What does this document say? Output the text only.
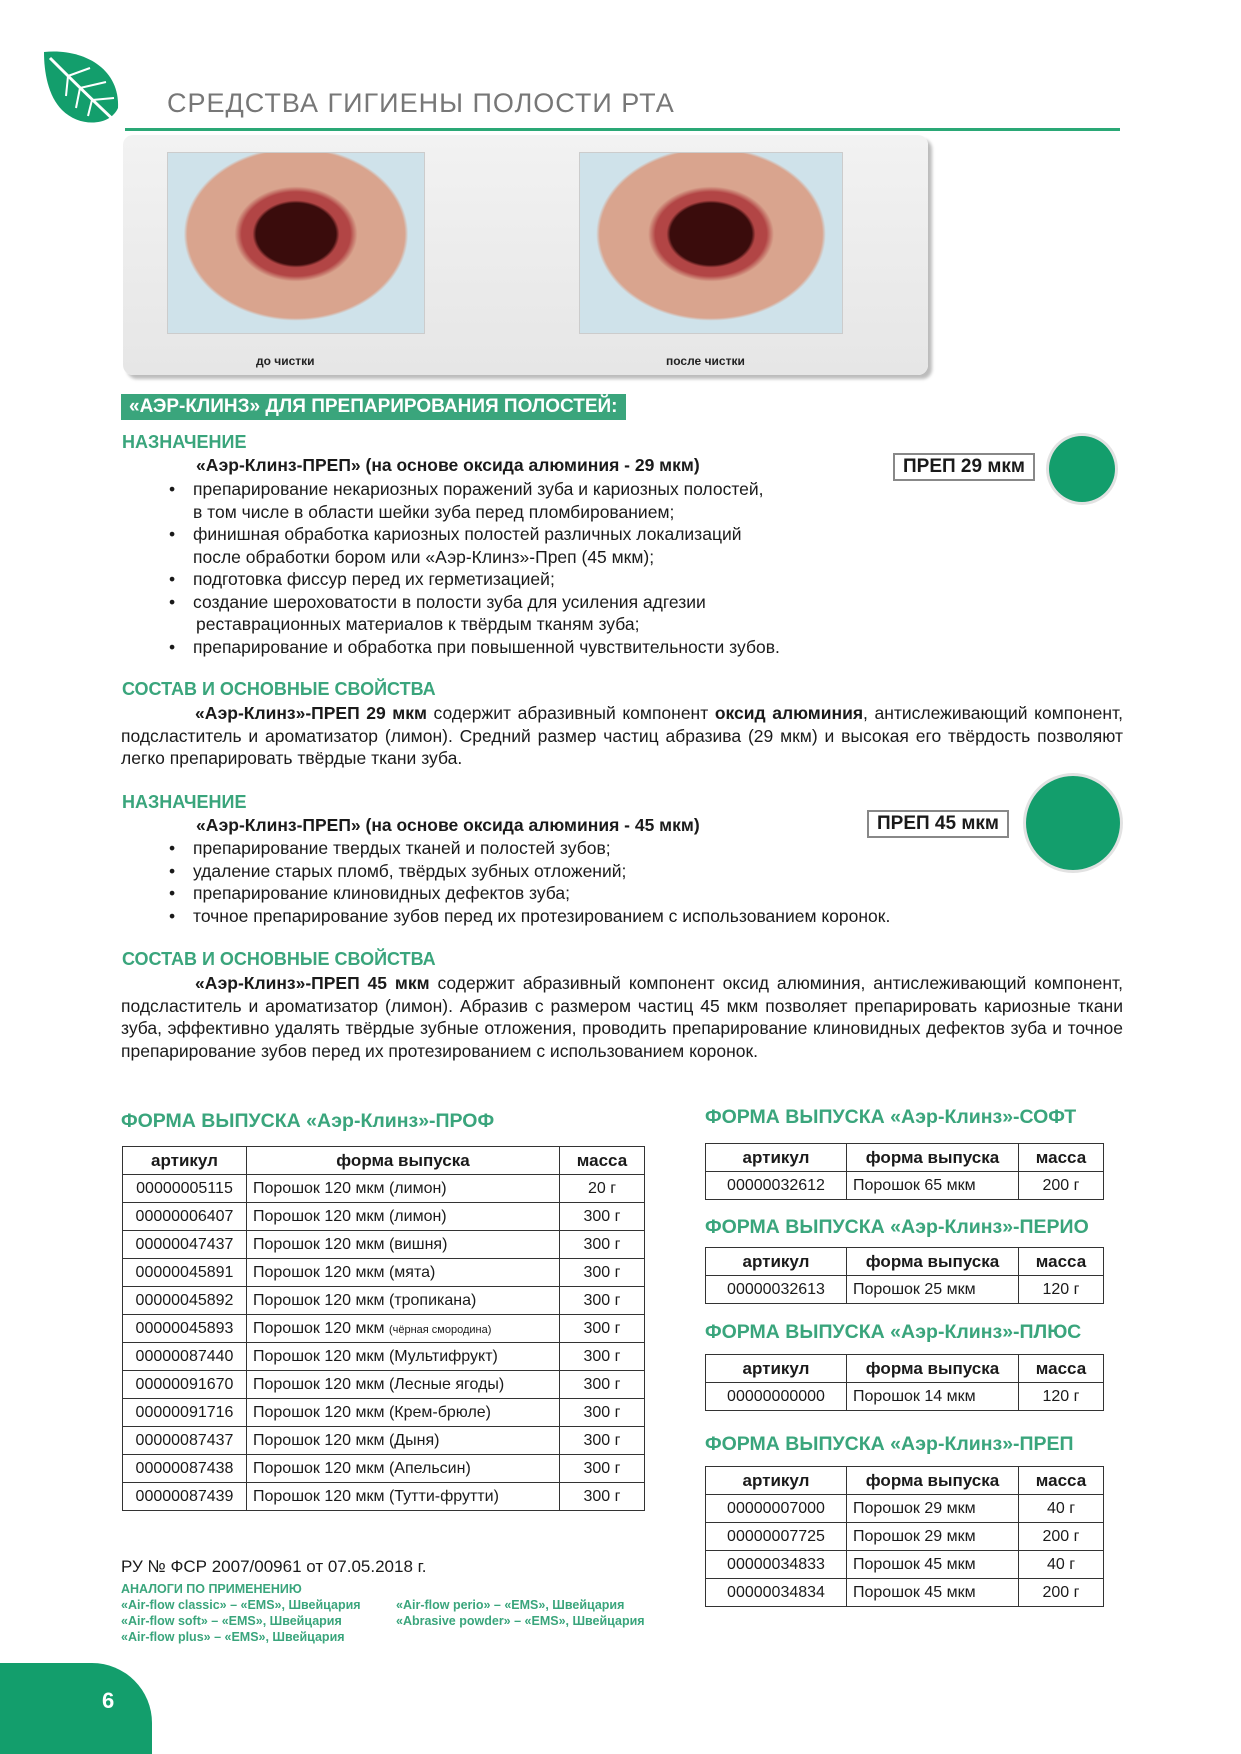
СРЕДСТВА ГИГИЕНЫ ПОЛОСТИ РТА
до чистки	после чистки
«АЭР-КЛИНЗ» ДЛЯ ПРЕПАРИРОВАНИЯ ПОЛОСТЕЙ:
НАЗНАЧЕНИЕ
«Аэр-Клинз-ПРЕП» (на основе оксида алюминия - 29 мкм)	ПРЕП 29 мкм
• препарирование некариозных поражений зуба и кариозных полостей,
в том числе в области шейки зуба перед пломбированием;
• финишная обработка кариозных полостей различных локализаций
после обработки бором или «Аэр-Клинз»-Преп (45 мкм);
• подготовка фиссур перед их герметизацией;
• создание шероховатости в полости зуба для усиления адгезии
реставрационных материалов к твёрдым тканям зуба;
• препарирование и обработка при повышенной чувствительности зубов.
СОСТАВ И ОСНОВНЫЕ СВОЙСТВА
«Аэр-Клинз»-ПРЕП 29 мкм содержит абразивный компонент оксид алюминия, антислеживающий компонент, подсластитель и ароматизатор (лимон). Средний размер частиц абразива (29 мкм) и высокая его твёрдость позволяют легко препарировать твёрдые ткани зуба.
НАЗНАЧЕНИЕ
«Аэр-Клинз-ПРЕП» (на основе оксида алюминия - 45 мкм)	ПРЕП 45 мкм
• препарирование твердых тканей и полостей зубов;
• удаление старых пломб, твёрдых зубных отложений;
• препарирование клиновидных дефектов зуба;
• точное препарирование зубов перед их протезированием с использованием коронок.
СОСТАВ И ОСНОВНЫЕ СВОЙСТВА
«Аэр-Клинз»-ПРЕП 45 мкм содержит абразивный компонент оксид алюминия, антислеживающий компонент, подсластитель и ароматизатор (лимон). Абразив с размером частиц 45 мкм позволяет препарировать кариозные ткани зуба, эффективно удалять твёрдые зубные отложения, проводить препарирование клиновидных дефектов зуба и точное препарирование зубов перед их протезированием с использованием коронок.
ФОРМА ВЫПУСКА «Аэр-Клинз»-ПРОФ
артикул	форма выпуска	масса
00000005115	Порошок 120 мкм (лимон)	20 г
00000006407	Порошок 120 мкм (лимон)	300 г
00000047437	Порошок 120 мкм (вишня)	300 г
00000045891	Порошок 120 мкм (мята)	300 г
00000045892	Порошок 120 мкм (тропикана)	300 г
00000045893	Порошок 120 мкм (чёрная смородина)	300 г
00000087440	Порошок 120 мкм (Мультифрукт)	300 г
00000091670	Порошок 120 мкм (Лесные ягоды)	300 г
00000091716	Порошок 120 мкм (Крем-брюле)	300 г
00000087437	Порошок 120 мкм (Дыня)	300 г
00000087438	Порошок 120 мкм (Апельсин)	300 г
00000087439	Порошок 120 мкм (Тутти-фрутти)	300 г
ФОРМА ВЫПУСКА «Аэр-Клинз»-СОФТ
артикул	форма выпуска	масса
00000032612	Порошок 65 мкм	200 г
ФОРМА ВЫПУСКА «Аэр-Клинз»-ПЕРИО
артикул	форма выпуска	масса
00000032613	Порошок 25 мкм	120 г
ФОРМА ВЫПУСКА «Аэр-Клинз»-ПЛЮС
артикул	форма выпуска	масса
00000000000	Порошок 14 мкм	120 г
ФОРМА ВЫПУСКА «Аэр-Клинз»-ПРЕП
артикул	форма выпуска	масса
00000007000	Порошок 29 мкм	40 г
00000007725	Порошок 29 мкм	200 г
00000034833	Порошок 45 мкм	40 г
00000034834	Порошок 45 мкм	200 г
РУ № ФСР 2007/00961 от 07.05.2018 г.
АНАЛОГИ ПО ПРИМЕНЕНИЮ
«Air-flow classic» – «EMS», Швейцария
«Air-flow soft» – «EMS», Швейцария
«Air-flow plus» – «EMS», Швейцария
«Air-flow perio» – «EMS», Швейцария
«Abrasive powder» – «EMS», Швейцария
6
